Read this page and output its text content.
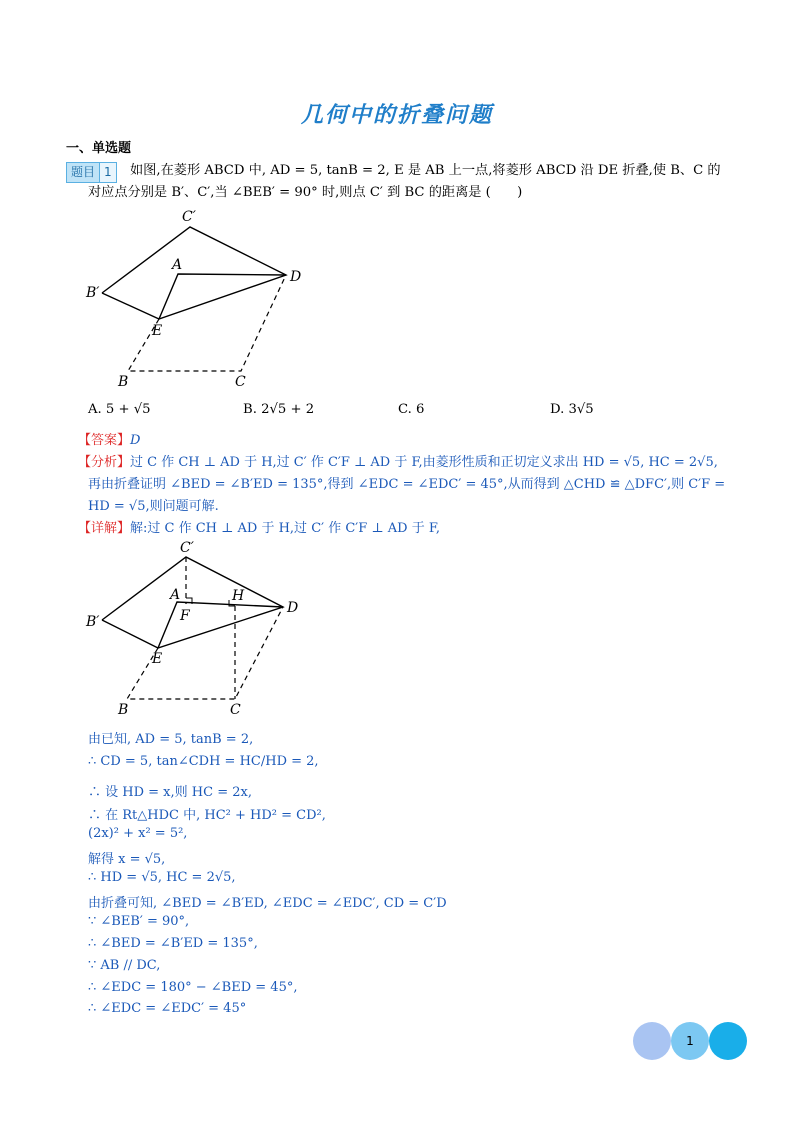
几何中的折叠问题
一、单选题
题目 1	如图,在菱形 ABCD 中, AD = 5, tanB = 2, E 是 AB 上一点,将菱形 ABCD 沿 DE 折叠,使 B、C 的
对应点分别是 B′、C′,当 ∠BEB′ = 90° 时,则点 C′ 到 BC 的距离是 (　　)
C′
A
D
B′
E
B	C
A. 5 + √5	B. 2√5 + 2	C. 6	D. 3√5
【答案】D
【分析】过 C 作 CH ⊥ AD 于 H,过 C′ 作 C′F ⊥ AD 于 F,由菱形性质和正切定义求出 HD = √5, HC = 2√5,
再由折叠证明 ∠BED = ∠B′ED = 135°,得到 ∠EDC = ∠EDC′ = 45°,从而得到 △CHD ≌ △DFC′,则 C′F =
HD = √5,则问题可解.
【详解】解:过 C 作 CH ⊥ AD 于 H,过 C′ 作 C′F ⊥ AD 于 F,
C′
A
F
H
D
B′
E
B	C
由已知, AD = 5, tanB = 2,
∴ CD = 5, tan∠CDH = HC/HD = 2,
∴ 设 HD = x,则 HC = 2x,
∴ 在 Rt△HDC 中, HC² + HD² = CD²,
(2x)² + x² = 5²,
解得 x = √5,
∴ HD = √5, HC = 2√5,
由折叠可知, ∠BED = ∠B′ED, ∠EDC = ∠EDC′, CD = C′D
∵ ∠BEB′ = 90°,
∴ ∠BED = ∠B′ED = 135°,
∵ AB // DC,
∴ ∠EDC = 180° − ∠BED = 45°,
∴ ∠EDC = ∠EDC′ = 45°
1
